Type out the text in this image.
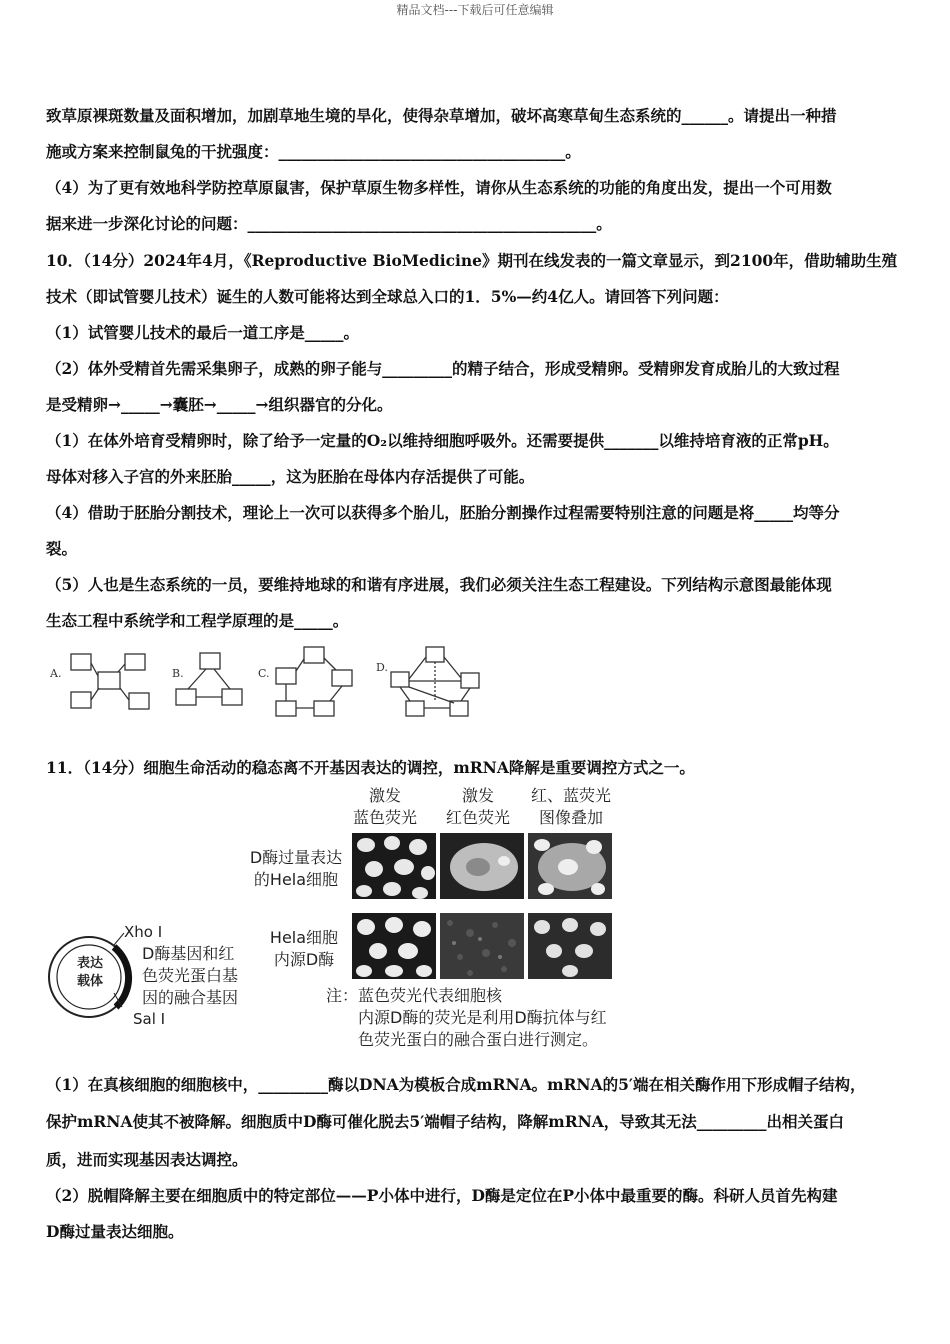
精品文档---下载后可任意编辑
致草原裸斑数量及面积增加，加剧草地生境的旱化，使得杂草增加，破坏高寒草甸生态系统的______。请提出一种措
施或方案来控制鼠兔的干扰强度：_____________________________________。
（4）为了更有效地科学防控草原鼠害，保护草原生物多样性，请你从生态系统的功能的角度出发，提出一个可用数
据来进一步深化讨论的问题：_____________________________________________。
10．（14分）2024年4月，《Reproductive BioMedicine》期刊在线发表的一篇文章显示，到2100年，借助辅助生殖
技术（即试管婴儿技术）诞生的人数可能将达到全球总入口的1．5%—约4亿人。请回答下列问题：
（1）试管婴儿技术的最后一道工序是_____。
（2）体外受精首先需采集卵子，成熟的卵子能与_________的精子结合，形成受精卵。受精卵发育成胎儿的大致过程
是受精卵→_____→囊胚→_____→组织器官的分化。
（1）在体外培育受精卵时，除了给予一定量的O₂以维持细胞呼吸外。还需要提供_______以维持培育液的正常pH。
母体对移入子宫的外来胚胎_____，这为胚胎在母体内存活提供了可能。
（4）借助于胚胎分割技术，理论上一次可以获得多个胎儿，胚胎分割操作过程需要特别注意的问题是将_____均等分
裂。
（5）人也是生态系统的一员，要维持地球的和谐有序进展，我们必须关注生态工程建设。下列结构示意图最能体现
生态工程中系统学和工程学原理的是_____。
A.	B.	C.	D.
11．（14分）细胞生命活动的稳态离不开基因表达的调控，mRNA降解是重要调控方式之一。
激发
蓝色荧光
激发
红色荧光
红、蓝荧光
图像叠加
D酶过量表达
的Hela细胞
Hela细胞
内源D酶
表达
载体
Xho I
Sal I
D酶基因和红
色荧光蛋白基
因的融合基因	注：蓝色荧光代表细胞核
内源D酶的荧光是利用D酶抗体与红
色荧光蛋白的融合蛋白进行测定。
（1）在真核细胞的细胞核中，_________酶以DNA为模板合成mRNA。mRNA的5′端在相关酶作用下形成帽子结构，
保护mRNA使其不被降解。细胞质中D酶可催化脱去5′端帽子结构，降解mRNA，导致其无法_________出相关蛋白
质，进而实现基因表达调控。
（2）脱帽降解主要在细胞质中的特定部位——P小体中进行，D酶是定位在P小体中最重要的酶。科研人员首先构建
D酶过量表达细胞。
